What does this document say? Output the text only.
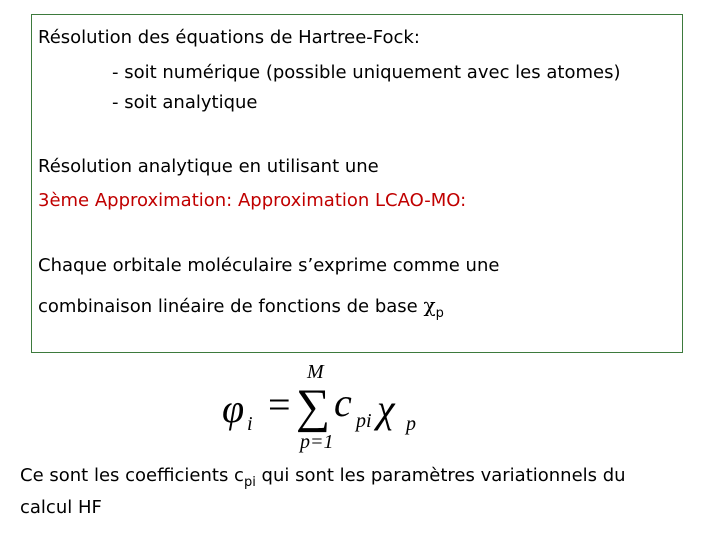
Résolution des équations de Hartree-Fock:
- soit numérique (possible uniquement avec les atomes)
- soit analytique
Résolution analytique en utilisant une
3ème Approximation: Approximation LCAO-MO:
Chaque orbitale moléculaire s’exprime comme une
combinaison linéaire de fonctions de base $\chi_p$
φ i =
M
∑
p=1
c pi χ p
Ce sont les coefficients $c_{pi}$ qui sont les paramètres variationnels du
calcul HF
